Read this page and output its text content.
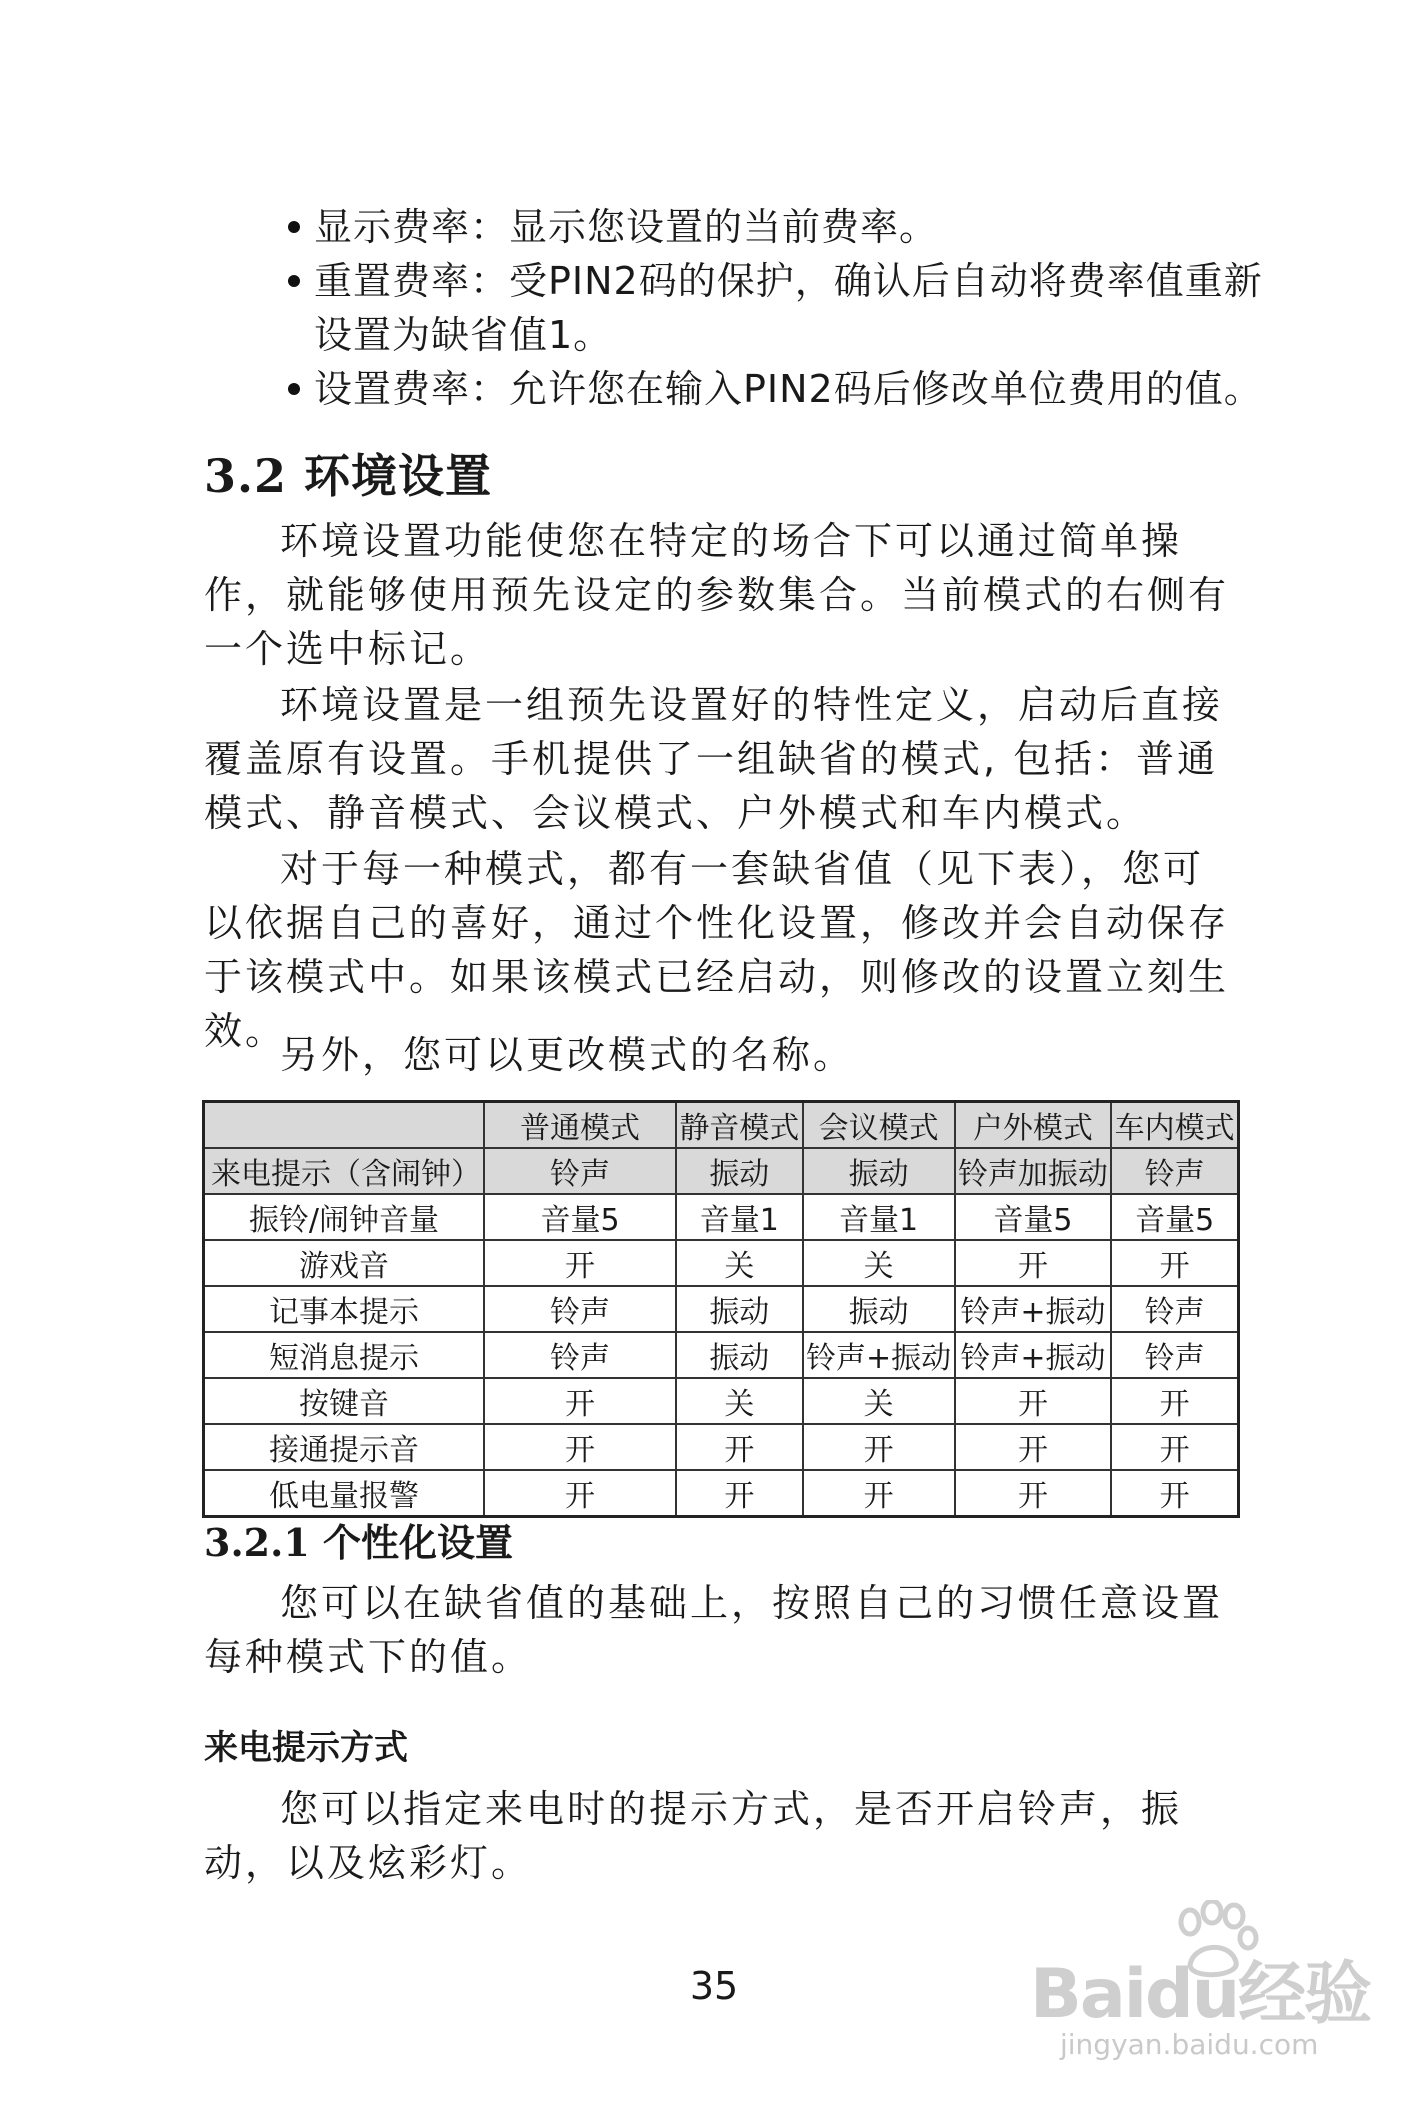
显示费率：显示您设置的当前费率。
重置费率：受PIN2码的保护，确认后自动将费率值重新设置为缺省值1。
设置费率：允许您在输入PIN2码后修改单位费用的值。
3.2 环境设置

环境设置功能使您在特定的场合下可以通过简单操作，就能够使用预先设定的参数集合。当前模式的右侧有一个选中标记。

环境设置是一组预先设置好的特性定义，启动后直接覆盖原有设置。手机提供了一组缺省的模式, 包括：普通模式、静音模式、会议模式、户外模式和车内模式。

对于每一种模式，都有一套缺省值（见下表），您可以依据自己的喜好，通过个性化设置，修改并会自动保存于该模式中。如果该模式已经启动，则修改的设置立刻生效。

另外，您可以更改模式的名称。

	普通模式	静音模式	会议模式	户外模式	车内模式
来电提示（含闹钟）	铃声	振动	振动	铃声加振动	铃声
振铃/闹钟音量	音量5	音量1	音量1	音量5	音量5
游戏音	开	关	关	开	开
记事本提示	铃声	振动	振动	铃声+振动	铃声
短消息提示	铃声	振动	铃声+振动	铃声+振动	铃声
按键音	开	关	关	开	开
接通提示音	开	开	开	开	开
低电量报警	开	开	开	开	开
3.2.1 个性化设置

您可以在缺省值的基础上，按照自己的习惯任意设置每种模式下的值。

来电提示方式

您可以指定来电时的提示方式，是否开启铃声，振动，以及炫彩灯。

35	Baidu经验
jingyan.baidu.com
